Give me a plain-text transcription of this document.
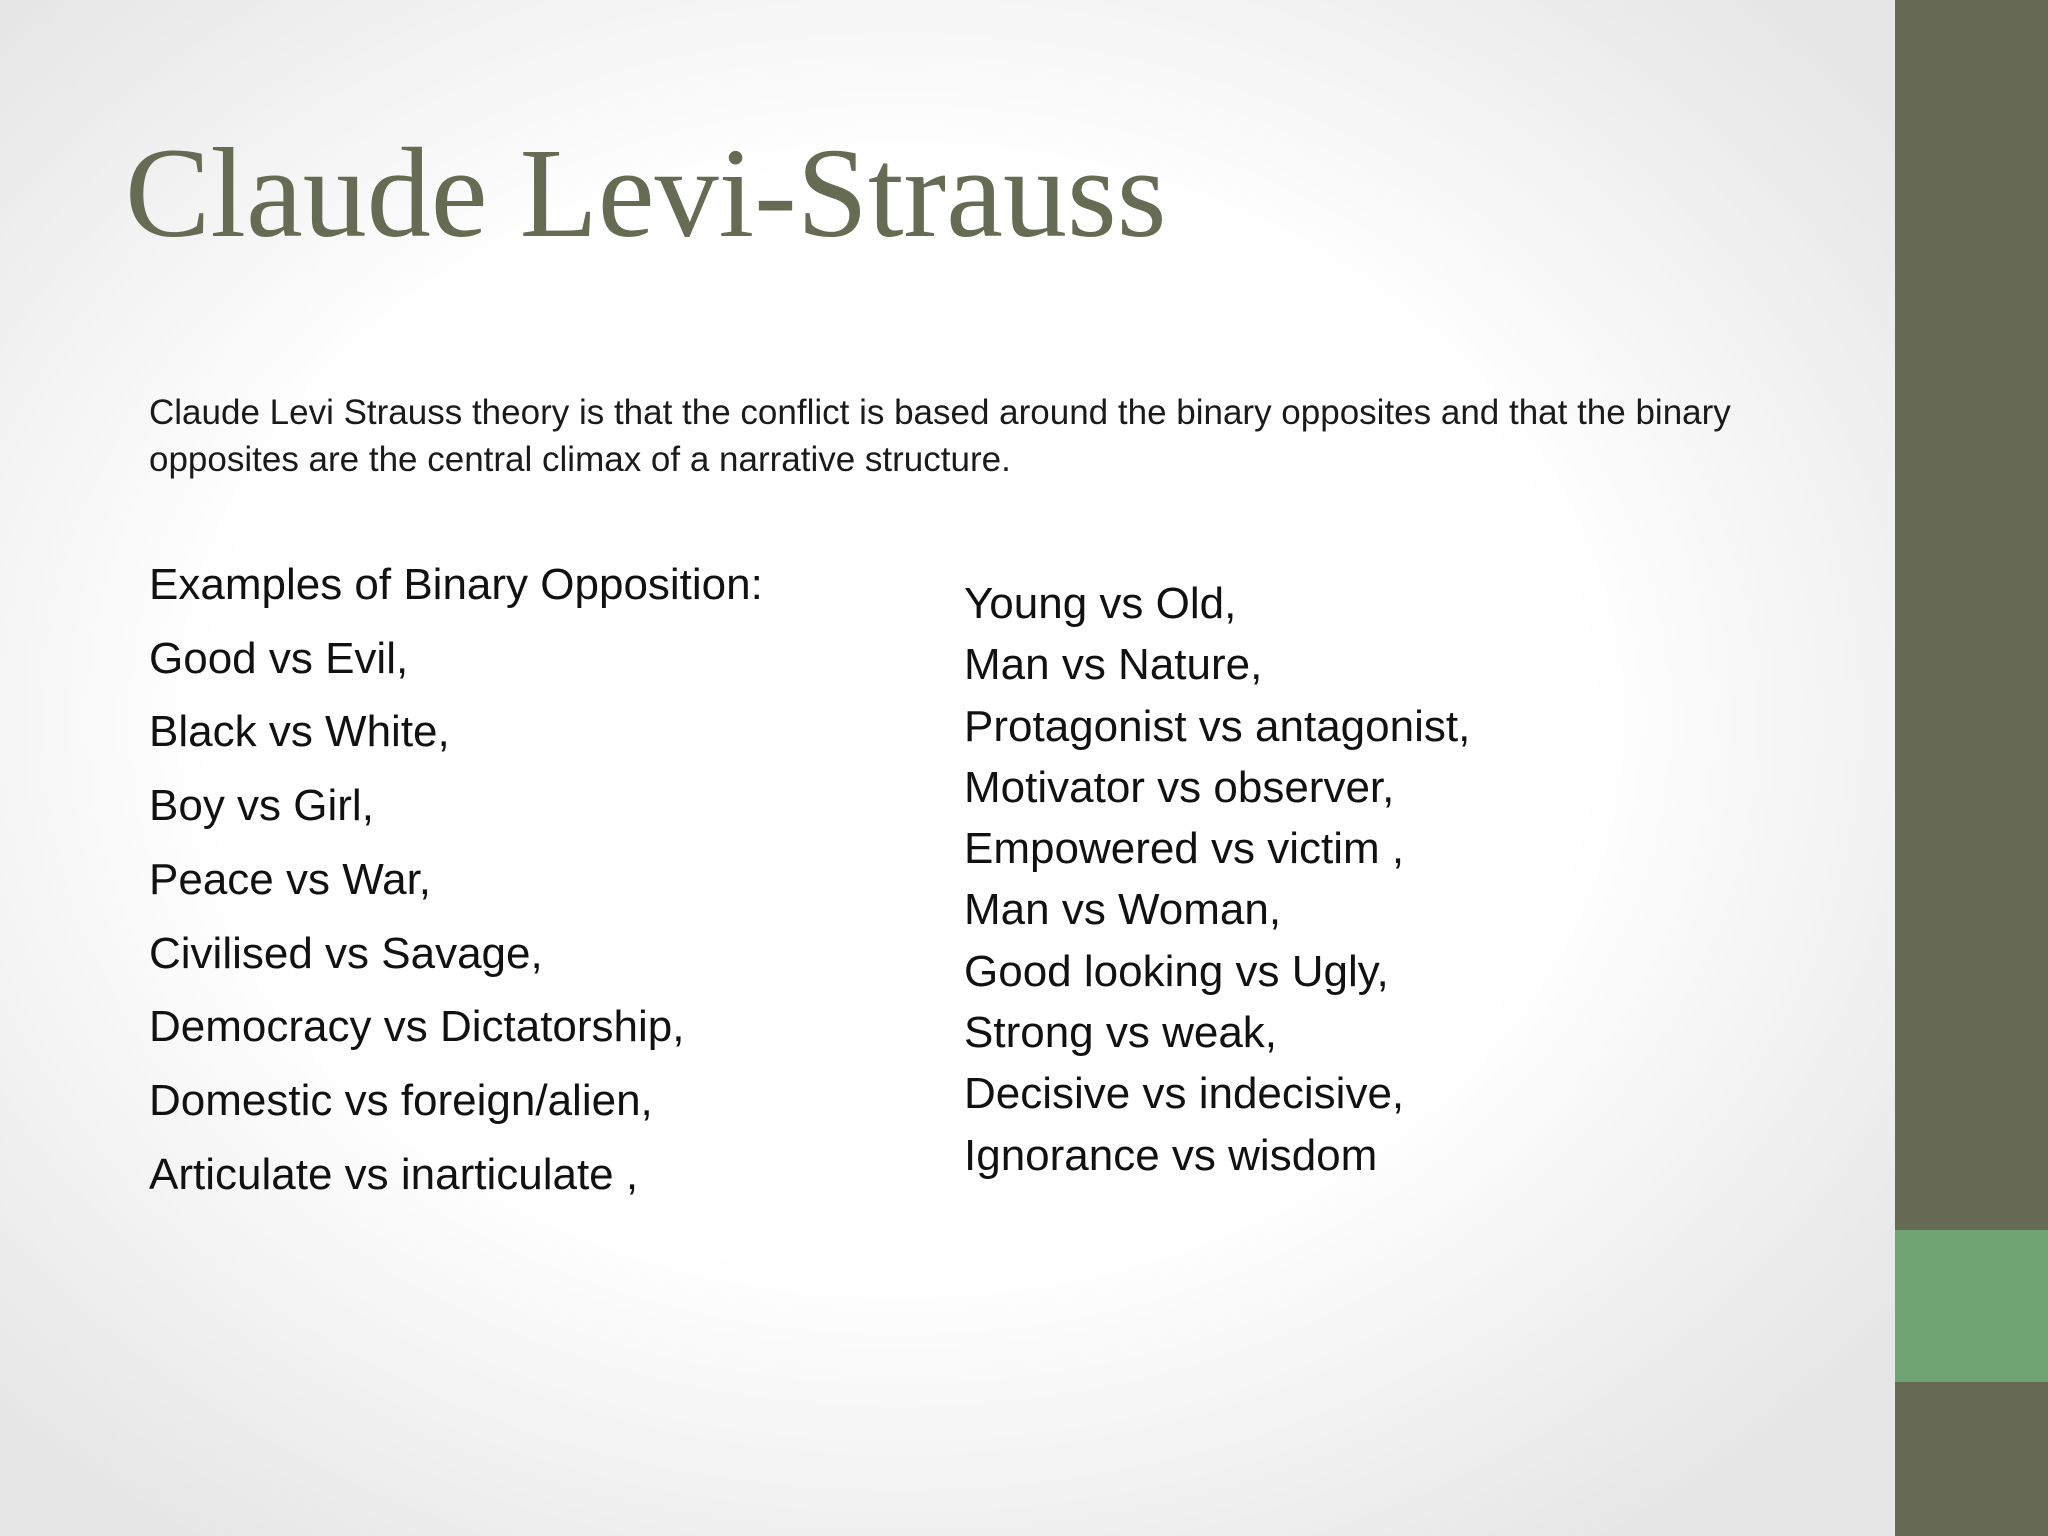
Claude Levi-Strauss

Claude Levi Strauss theory is that the conflict is based around the binary opposites and that the binary opposites are the central climax of a narrative structure.

Examples of Binary Opposition:
Good vs Evil,
Black vs White,
Boy vs Girl,
Peace vs War,
Civilised vs Savage,
Democracy vs Dictatorship,
Domestic vs foreign/alien,
Articulate vs inarticulate ,
Young vs Old,
Man vs Nature,
Protagonist vs antagonist,
Motivator vs observer,
Empowered vs victim ,
Man vs Woman,
Good looking vs Ugly,
Strong vs weak,
Decisive vs indecisive,
Ignorance vs wisdom
